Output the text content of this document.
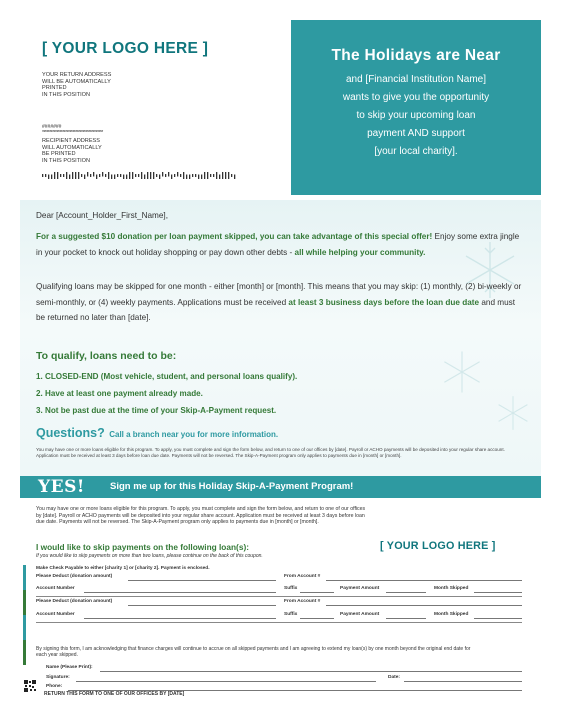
[ YOUR LOGO HERE ]
YOUR RETURN ADDRESS
WILL BE AUTOMATICALLY
PRINTED
IN THIS POSITION
#######
******************************************
RECIPIENT ADDRESS
WILL AUTOMATICALLY
BE PRINTED
IN THIS POSITION
The Holidays are Near
and [Financial Institution Name]
wants to give you the opportunity
to skip your upcoming loan
payment AND support
[your local charity].
Dear [Account_Holder_First_Name],
For a suggested $10 donation per loan payment skipped, you can take advantage of this special offer! Enjoy some extra jingle in your pocket to knock out holiday shopping or pay down other debts - all while helping your community.
Qualifying loans may be skipped for one month - either [month] or [month]. This means that you may skip: (1) monthly, (2) bi-weekly or semi-monthly, or (4) weekly payments. Applications must be received at least 3 business days before the loan due date and must be returned no later than [date].
To qualify, loans need to be:
1. CLOSED-END (Most vehicle, student, and personal loans qualify).
2. Have at least one payment already made.
3. Not be past due at the time of your Skip-A-Payment request.
Questions? Call a branch near you for more information.
You may have one or more loans eligible for this program. To apply, you must complete and sign the form below, and return to one of our offices by [date]. Payroll or ACHO payments will be deposited into your regular share account. Application must be received at least 3 days before loan due date. Payments will not be reversed. The Skip-A-Payment program only applies to payments due in [month] or [month].
YES!	Sign me up for this Holiday Skip-A-Payment Program!
You may have one or more loans eligible for this program. To apply, you must complete and sign the form below, and return to one of our offices by [date]. Payroll or ACHO payments will be deposited into your regular share account. Application must be received at least 3 days before loan due date. Payments will not be reversed. The Skip-A-Payment program only applies to payments due in [month] or [month].
[ YOUR LOGO HERE ]
I would like to skip payments on the following loan(s):
If you would like to skip payments on more than two loans, please continue on the back of this coupon.
Make Check Payable to either [charity 1] or [charity 2]. Payment is enclosed.
Please Deduct (donation amount)	From Account #
Account Number	Suffix	Payment Amount	Month Skipped
Please Deduct (donation amount)	From Account #
Account Number	Suffix	Payment Amount	Month Skipped
By signing this form, I am acknowledging that finance charges will continue to accrue on all skipped payments and I am agreeing to extend my loan(s) by one month beyond the original end date for each year skipped.
Name (Please Print):
Signature:	Date:
Phone:
RETURN THIS FORM TO ONE OF OUR OFFICES BY [DATE]
